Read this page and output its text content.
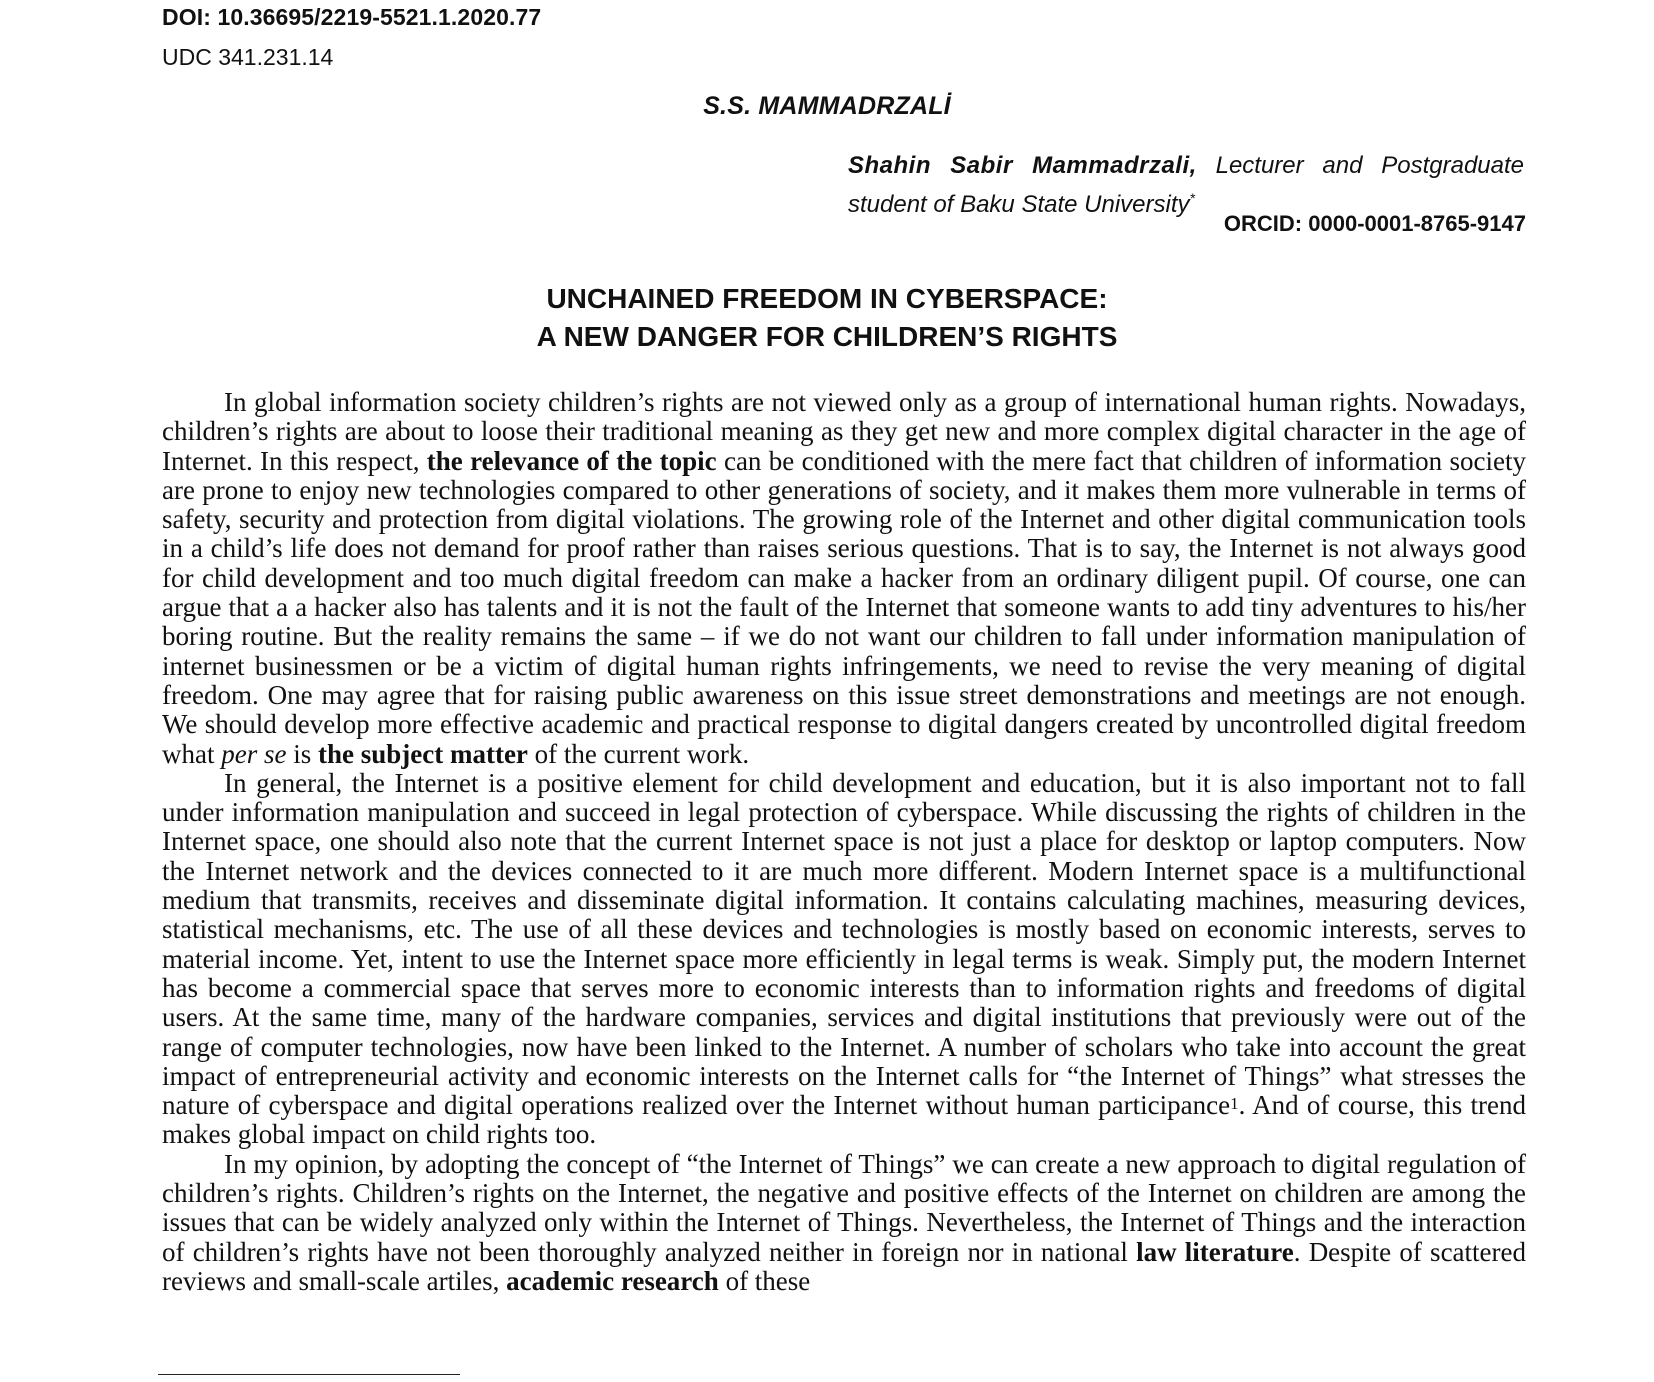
DOI: 10.36695/2219-5521.1.2020.77
UDC 341.231.14
S.S. MAMMADRZALİ
Shahin Sabir Mammadrzali, Lecturer and Postgraduate student of Baku State University*
ORCID: 0000-0001-8765-9147
UNCHAINED FREEDOM IN CYBERSPACE:
A NEW DANGER FOR CHILDREN’S RIGHTS

In global information society children’s rights are not viewed only as a group of international human rights. Nowadays, children’s rights are about to loose their traditional meaning as they get new and more complex digital character in the age of Internet. In this respect, the relevance of the topic can be conditioned with the mere fact that children of information society are prone to enjoy new technologies compared to other generations of society, and it makes them more vulnerable in terms of safety, security and protection from digital violations. The growing role of the Internet and other digital communication tools in a child’s life does not demand for proof rather than raises serious questions. That is to say, the Internet is not always good for child development and too much digital freedom can make a hacker from an ordinary diligent pupil. Of course, one can argue that a a hacker also has talents and it is not the fault of the Internet that someone wants to add tiny adventures to his/her boring routine. But the reality remains the same – if we do not want our children to fall under information manipulation of internet businessmen or be a victim of digital human rights infringements, we need to revise the very meaning of digital freedom. One may agree that for raising public awareness on this issue street demonstrations and meetings are not enough. We should develop more effective academic and practical response to digital dangers created by uncontrolled digital freedom what per se is the subject matter of the current work.

In general, the Internet is a positive element for child development and education, but it is also important not to fall under information manipulation and succeed in legal protection of cyberspace. While discussing the rights of children in the Internet space, one should also note that the current Internet space is not just a place for desktop or laptop computers. Now the Internet network and the devices connected to it are much more different. Modern Internet space is a multifunctional medium that transmits, receives and disseminate digital information. It contains calculating machines, measuring devices, statistical mechanisms, etc. The use of all these devices and technologies is mostly based on economic interests, serves to material income. Yet, intent to use the Internet space more efficiently in legal terms is weak. Simply put, the modern Internet has become a commercial space that serves more to economic interests than to information rights and freedoms of digital users. At the same time, many of the hardware companies, services and digital institutions that previously were out of the range of computer technologies, now have been linked to the Internet. A number of scholars who take into account the great impact of entrepreneurial activity and economic interests on the Internet calls for “the Internet of Things” what stresses the nature of cyberspace and digital operations realized over the Internet without human participance$^1$. And of course, this trend makes global impact on child rights too.

In my opinion, by adopting the concept of “the Internet of Things” we can create a new approach to digital regulation of children’s rights. Children’s rights on the Internet, the negative and positive effects of the Internet on children are among the issues that can be widely analyzed only within the Internet of Things. Nevertheless, the Internet of Things and the interaction of children’s rights have not been thoroughly analyzed neither in foreign nor in national law literature. Despite of scattered reviews and small-scale artiles, academic research of these
